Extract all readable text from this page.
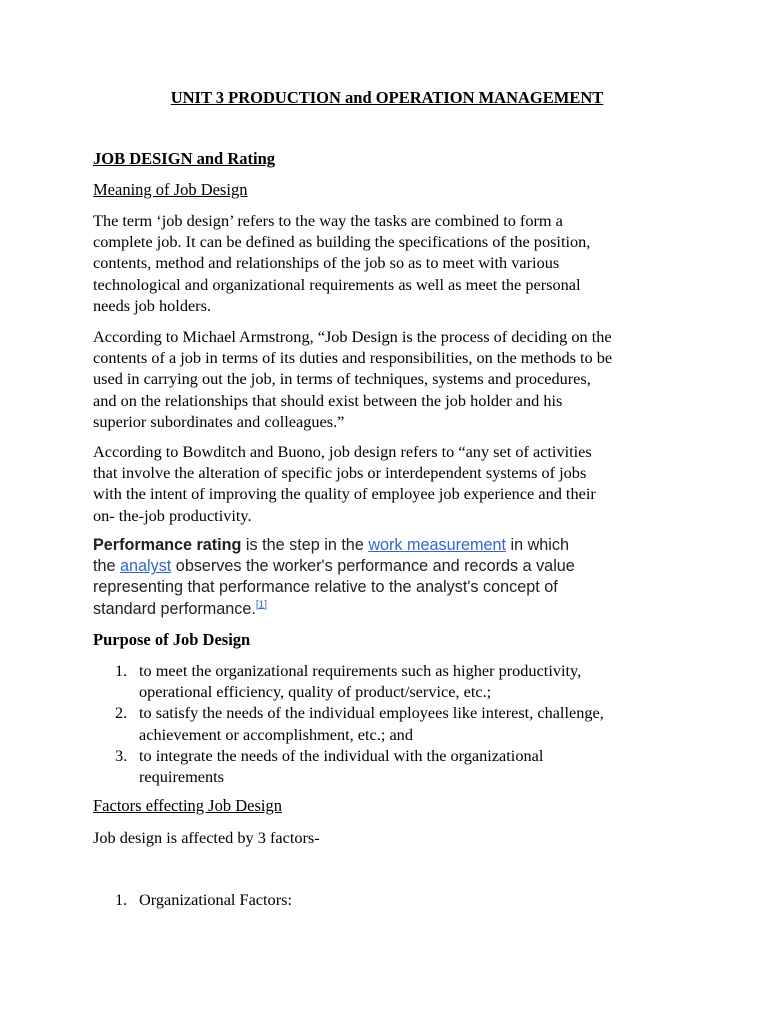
UNIT 3 PRODUCTION and OPERATION MANAGEMENT
JOB DESIGN and Rating
Meaning of Job Design

The term ‘job design’ refers to the way the tasks are combined to form a
complete job. It can be defined as building the specifications of the position,
contents, method and relationships of the job so as to meet with various
technological and organizational requirements as well as meet the personal
needs job holders.

According to Michael Armstrong, “Job Design is the process of deciding on the
contents of a job in terms of its duties and responsibilities, on the methods to be
used in carrying out the job, in terms of techniques, systems and procedures,
and on the relationships that should exist between the job holder and his
superior subordinates and colleagues.”

According to Bowditch and Buono, job design refers to “any set of activities
that involve the alteration of specific jobs or interdependent systems of jobs
with the intent of improving the quality of employee job experience and their
on- the-job productivity.

Performance rating is the step in the work measurement in which
the analyst observes the worker's performance and records a value
representing that performance relative to the analyst's concept of
standard performance.[1]
Purpose of Job Design
1. to meet the organizational requirements such as higher productivity,
operational efficiency, quality of product/service, etc.;
2. to satisfy the needs of the individual employees like interest, challenge,
achievement or accomplishment, etc.; and
3. to integrate the needs of the individual with the organizational
requirements
Factors effecting Job Design
Job design is affected by 3 factors-
1. Organizational Factors:
